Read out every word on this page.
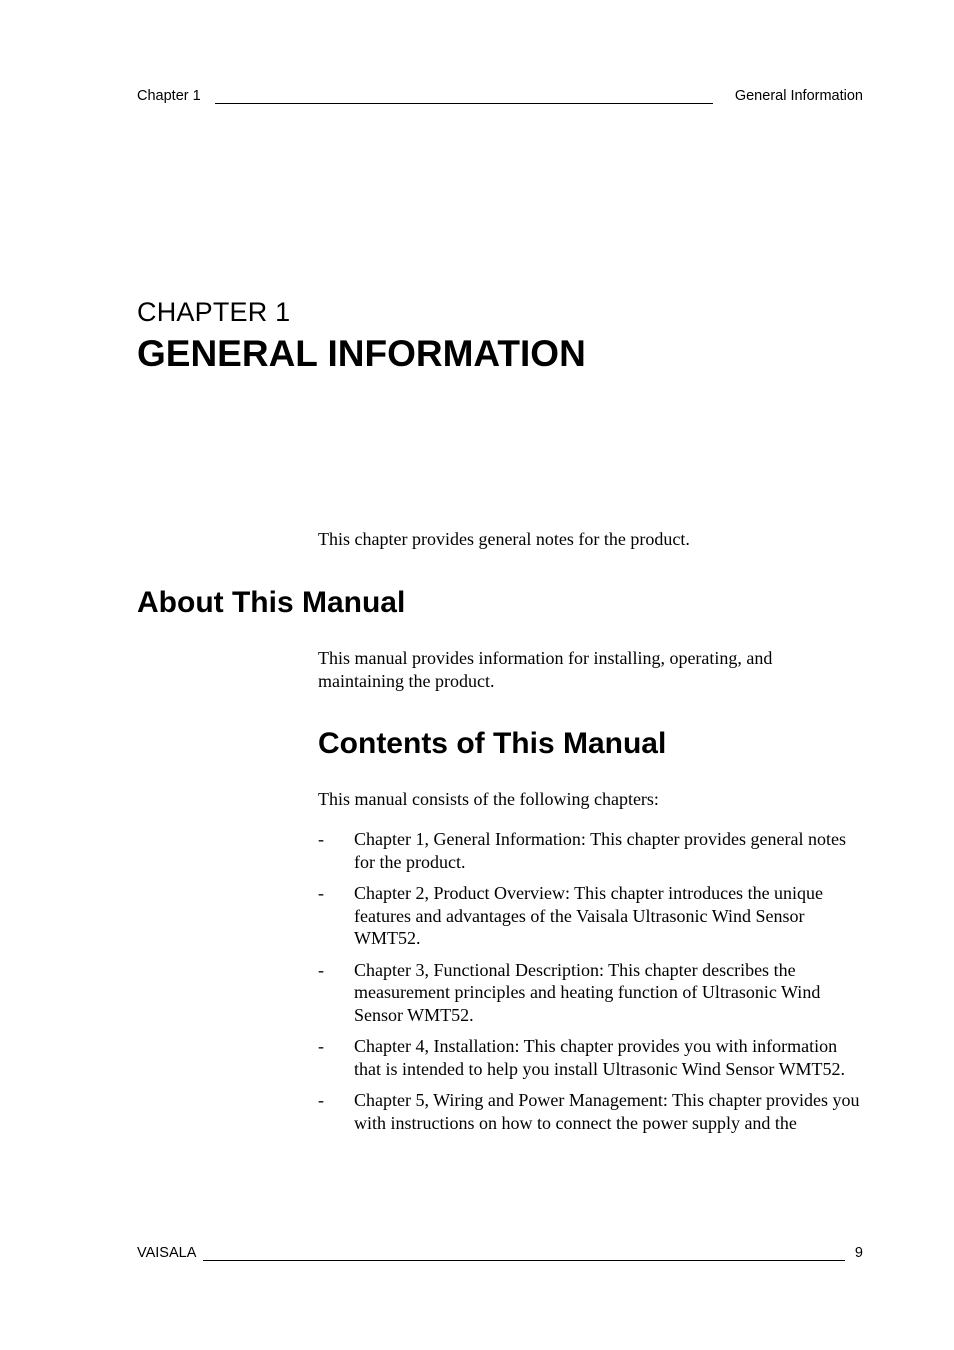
Chapter 1	General Information
CHAPTER 1
GENERAL INFORMATION

This chapter provides general notes for the product.

About This Manual

This manual provides information for installing, operating, and maintaining the product.

Contents of This Manual

This manual consists of the following chapters:

- Chapter 1, General Information: This chapter provides general notes for the product.
- Chapter 2, Product Overview: This chapter introduces the unique features and advantages of the Vaisala Ultrasonic Wind Sensor WMT52.
- Chapter 3, Functional Description: This chapter describes the measurement principles and heating function of Ultrasonic Wind Sensor WMT52.
- Chapter 4, Installation: This chapter provides you with information that is intended to help you install Ultrasonic Wind Sensor WMT52.
- Chapter 5, Wiring and Power Management: This chapter provides you with instructions on how to connect the power supply and the
VAISALA	9
